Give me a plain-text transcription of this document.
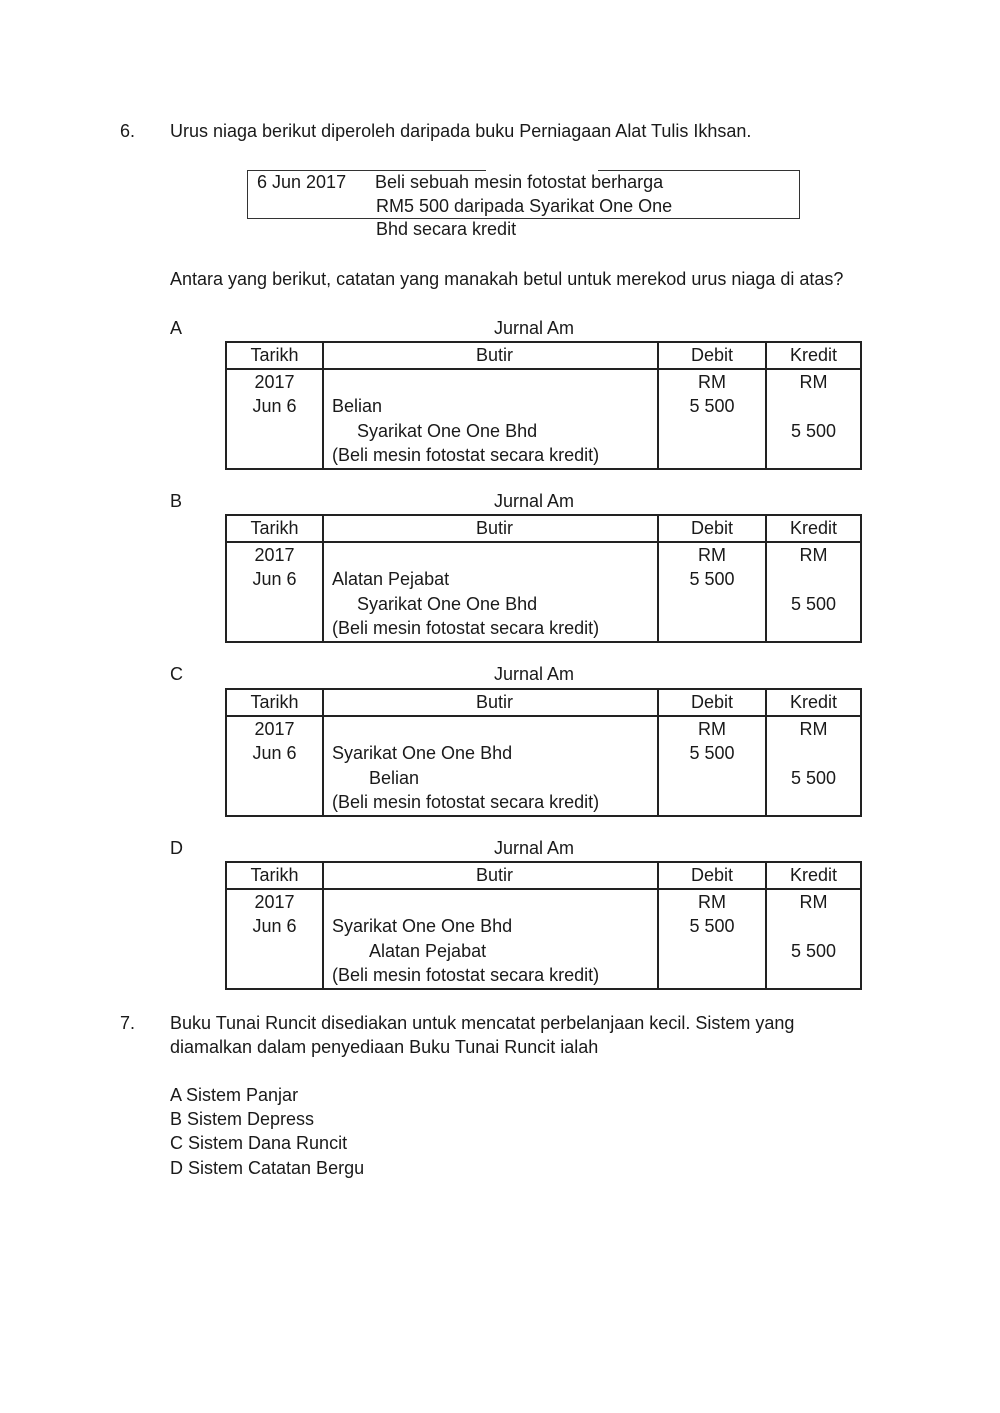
6. Urus niaga berikut diperoleh daripada buku Perniagaan Alat Tulis Ikhsan.
6 Jun 2017 Beli sebuah mesin fotostat berharga
RM5 500 daripada Syarikat One One
Bhd secara kredit
Antara yang berikut, catatan yang manakah betul untuk merekod urus niaga di atas?
A	Jurnal Am
Tarikh	Butir	Debit	Kredit
2017		RM	RM
Jun 6	Belian	5 500	
	Syarikat One One Bhd		5 500
	(Beli mesin fotostat secara kredit)		
B	Jurnal Am
Tarikh	Butir	Debit	Kredit
2017		RM	RM
Jun 6	Alatan Pejabat	5 500	
	Syarikat One One Bhd		5 500
	(Beli mesin fotostat secara kredit)		
C	Jurnal Am
Tarikh	Butir	Debit	Kredit
2017		RM	RM
Jun 6	Syarikat One One Bhd	5 500	
	Belian		5 500
	(Beli mesin fotostat secara kredit)		
D	Jurnal Am
Tarikh	Butir	Debit	Kredit
2017		RM	RM
Jun 6	Syarikat One One Bhd	5 500	
	Alatan Pejabat		5 500
	(Beli mesin fotostat secara kredit)		
7. Buku Tunai Runcit disediakan untuk mencatat perbelanjaan kecil. Sistem yang
diamalkan dalam penyediaan Buku Tunai Runcit ialah
A Sistem Panjar
B Sistem Depress
C Sistem Dana Runcit
D Sistem Catatan Bergu
